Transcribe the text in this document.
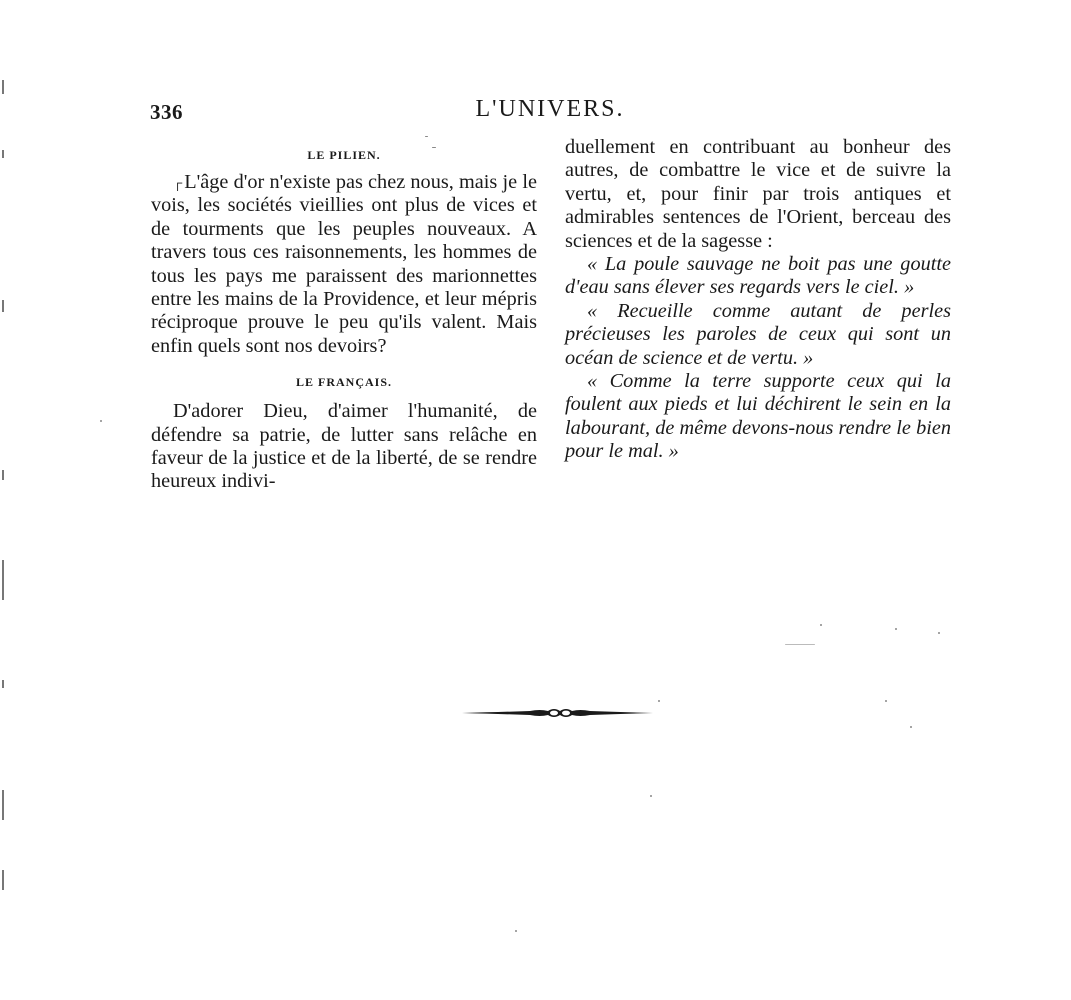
336	L'UNIVERS.
LE PILIEN.

┌L'âge d'or n'existe pas chez nous, mais je le vois, les sociétés vieillies ont plus de vices et de tourments que les peuples nouveaux. A travers tous ces raisonnements, les hommes de tous les pays me paraissent des marionnettes entre les mains de la Providence, et leur mépris réciproque prouve le peu qu'ils valent. Mais enfin quels sont nos devoirs?

LE FRANÇAIS.

D'adorer Dieu, d'aimer l'humanité, de défendre sa patrie, de lutter sans relâche en faveur de la justice et de la liberté, de se rendre heureux indivi-

duellement en contribuant au bonheur des autres, de combattre le vice et de suivre la vertu, et, pour finir par trois antiques et admirables sentences de l'Orient, berceau des sciences et de la sagesse :

« La poule sauvage ne boit pas une goutte d'eau sans élever ses regards vers le ciel. »

« Recueille comme autant de perles précieuses les paroles de ceux qui sont un océan de science et de vertu. »

« Comme la terre supporte ceux qui la foulent aux pieds et lui déchirent le sein en la labourant, de même devons-nous rendre le bien pour le mal. »
